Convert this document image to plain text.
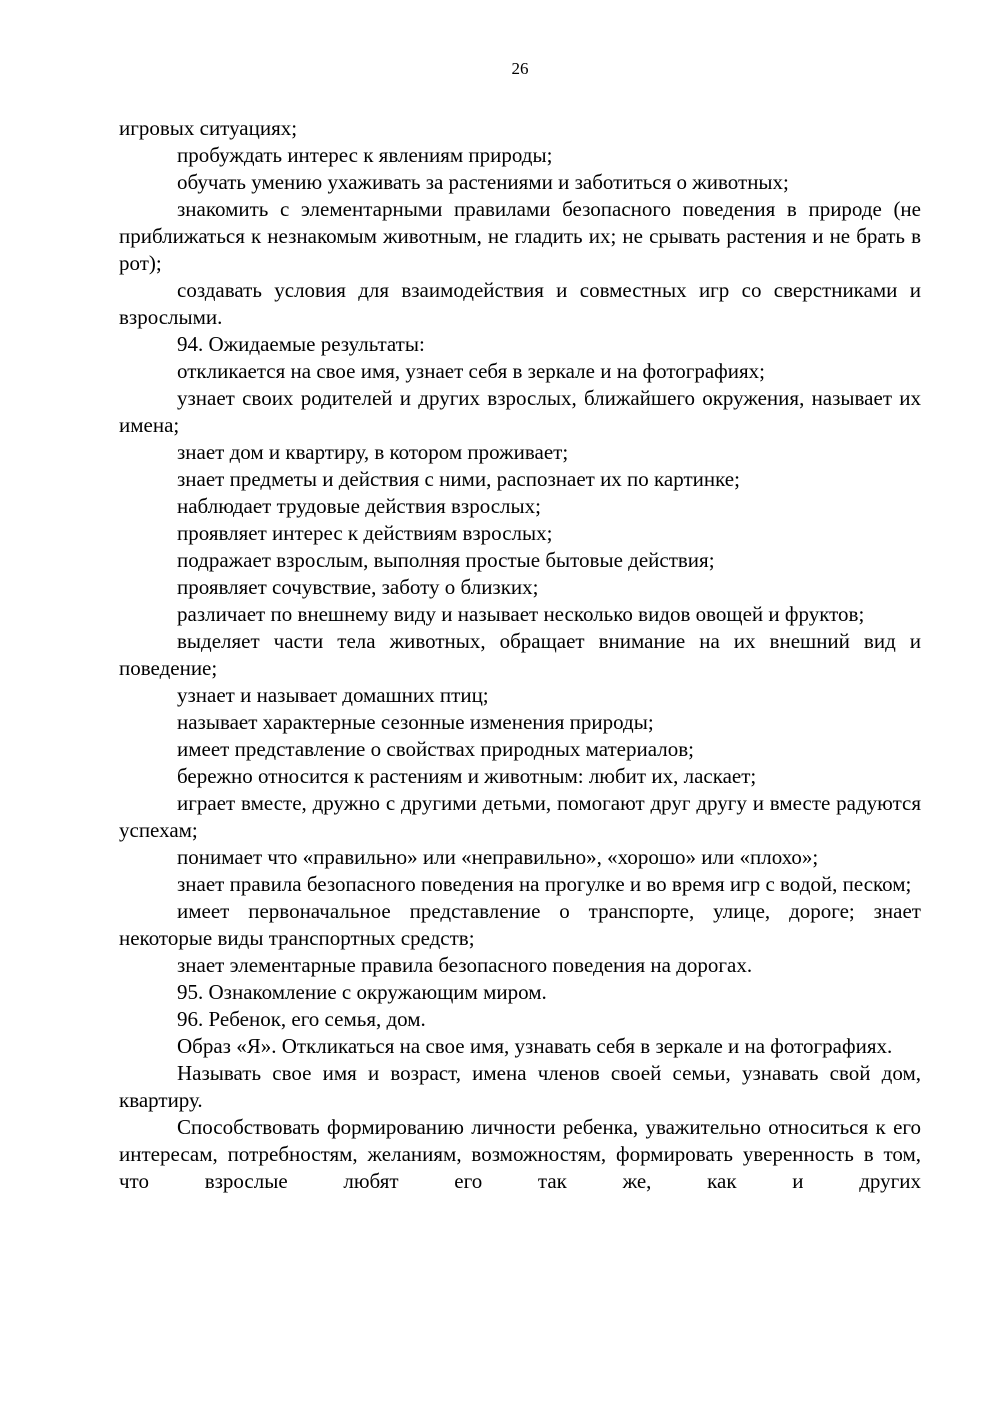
26

игровых ситуациях;

пробуждать интерес к явлениям природы;

обучать умению ухаживать за растениями и заботиться о животных;

знакомить с элементарными правилами безопасного поведения в природе (не приближаться к незнакомым животным, не гладить их; не срывать растения и не брать в рот);

создавать условия для взаимодействия и совместных игр со сверстниками и взрослыми.

94. Ожидаемые результаты:

откликается на свое имя, узнает себя в зеркале и на фотографиях;

узнает своих родителей и других взрослых, ближайшего окружения, называет их имена;

знает дом и квартиру, в котором проживает;

знает предметы и действия с ними, распознает их по картинке;

наблюдает трудовые действия взрослых;

проявляет интерес к действиям взрослых;

подражает взрослым, выполняя простые бытовые действия;

проявляет сочувствие, заботу о близких;

различает по внешнему виду и называет несколько видов овощей и фруктов;

выделяет части тела животных, обращает внимание на их внешний вид и поведение;

узнает и называет домашних птиц;

называет характерные сезонные изменения природы;

имеет представление о свойствах природных материалов;

бережно относится к растениям и животным: любит их, ласкает;

играет вместе, дружно с другими детьми, помогают друг другу и вместе радуются успехам;

понимает что «правильно» или «неправильно», «хорошо» или «плохо»;

знает правила безопасного поведения на прогулке и во время игр с водой, песком;

имеет первоначальное представление о транспорте, улице, дороге; знает некоторые виды транспортных средств;

знает элементарные правила безопасного поведения на дорогах.

95. Ознакомление с окружающим миром.

96. Ребенок, его семья, дом.

Образ «Я». Откликаться на свое имя, узнавать себя в зеркале и на фотографиях.

Называть свое имя и возраст, имена членов своей семьи, узнавать свой дом, квартиру.

Способствовать формированию личности ребенка, уважительно относиться к его интересам, потребностям, желаниям, возможностям, формировать уверенность в том, что взрослые любят его так же, как и других
